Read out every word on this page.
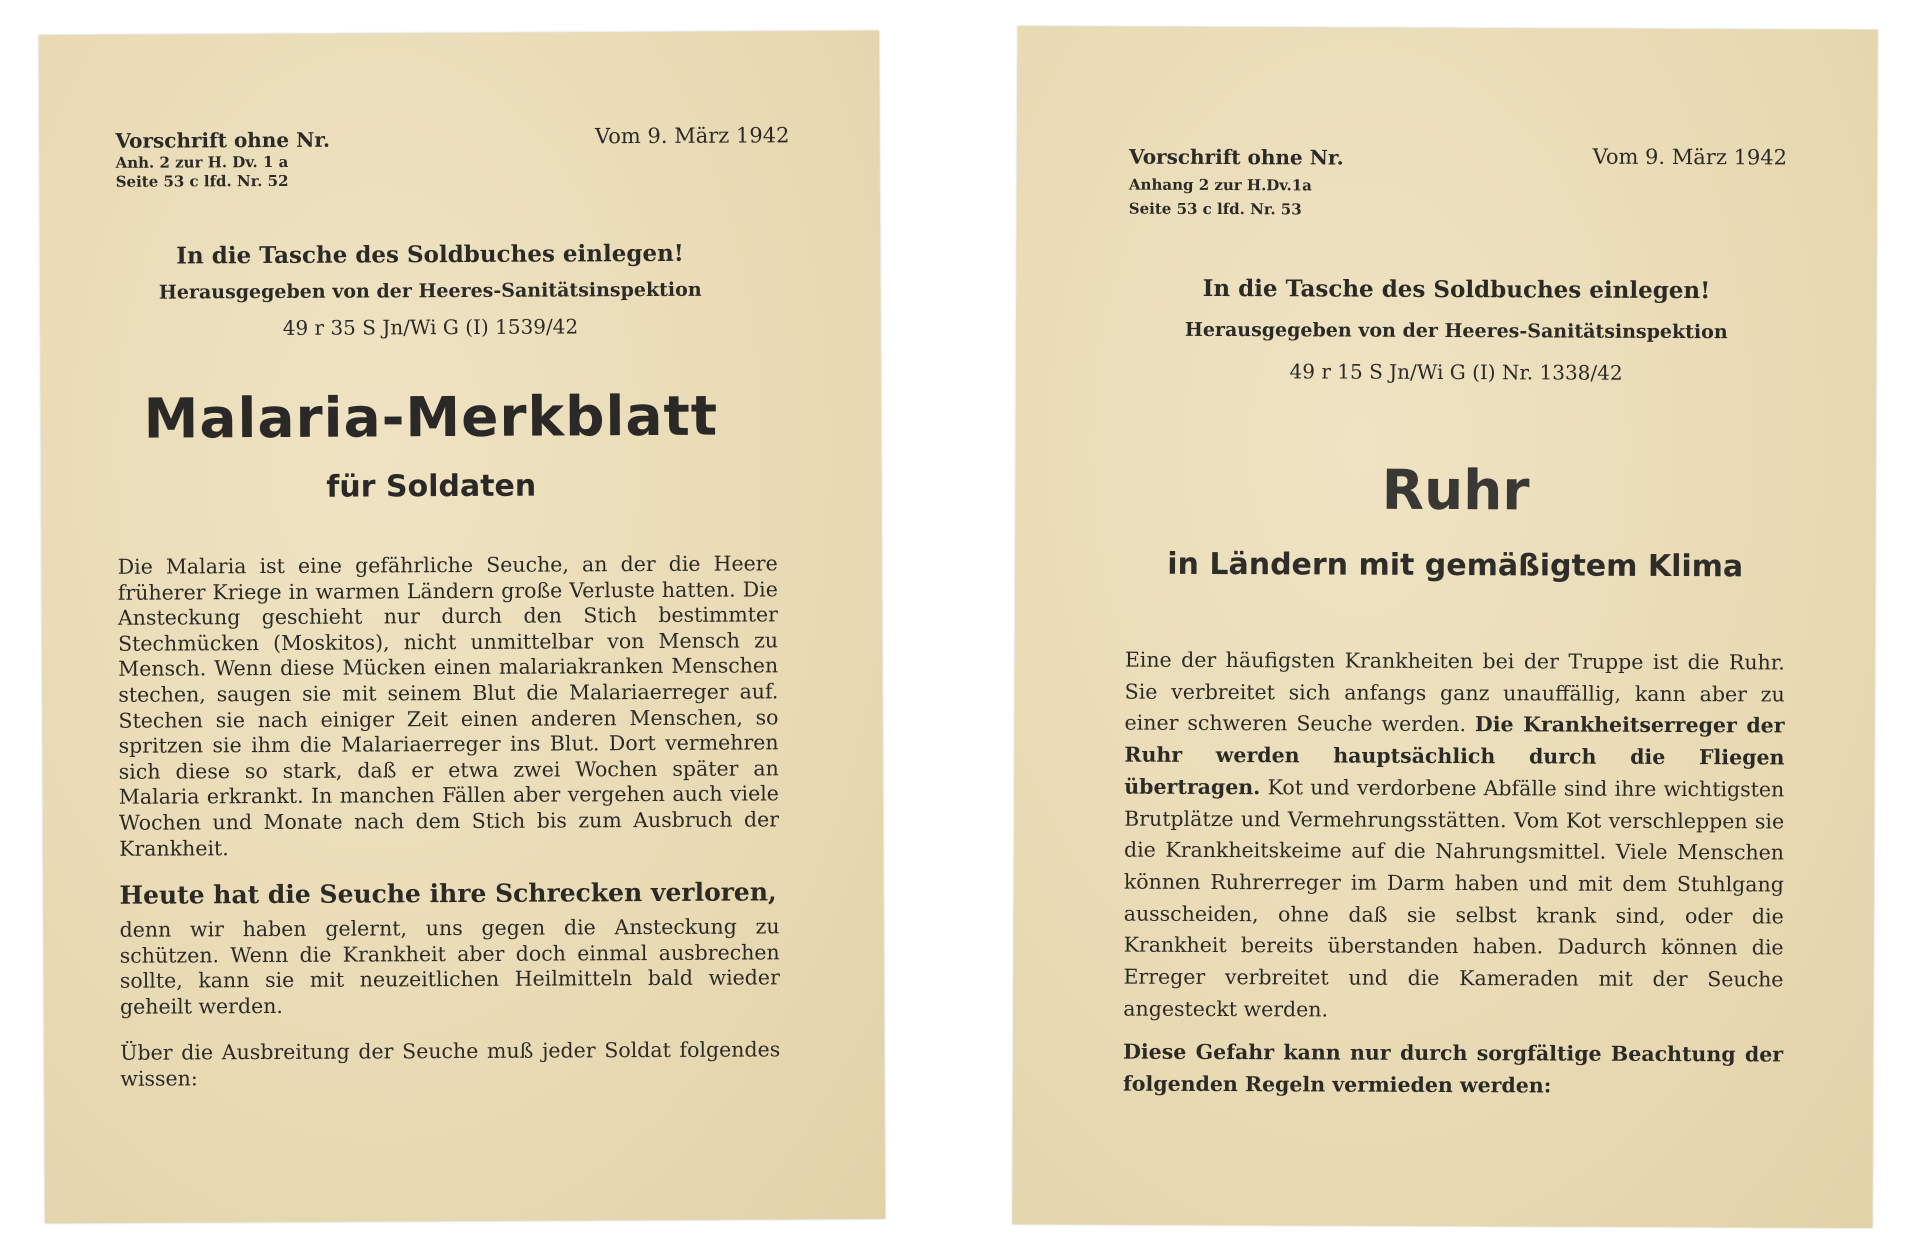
Vorschrift ohne Nr.
Anh. 2 zur H. Dv. 1 a
Seite 53 c lfd. Nr. 52
Vom 9. März 1942
In die Tasche des Soldbuches einlegen!
Herausgegeben von der Heeres-Sanitätsinspektion
49 r 35 S Jn/Wi G (I) 1539/42
Malaria-Merkblatt
für Soldaten

Die Malaria ist eine gefährliche Seuche, an der die Heere früherer Kriege in warmen Ländern große Verluste hatten. Die Ansteckung geschieht nur durch den Stich bestimmter Stechmücken (Moskitos), nicht unmittelbar von Mensch zu Mensch. Wenn diese Mücken einen malariakranken Menschen stechen, saugen sie mit seinem Blut die Malariaerreger auf. Stechen sie nach einiger Zeit einen anderen Menschen, so spritzen sie ihm die Malariaerreger ins Blut. Dort vermehren sich diese so stark, daß er etwa zwei Wochen später an Malaria erkrankt. In manchen Fällen aber vergehen auch viele Wochen und Monate nach dem Stich bis zum Ausbruch der Krankheit.

Heute hat die Seuche ihre Schrecken verloren,

denn wir haben gelernt, uns gegen die Ansteckung zu schützen. Wenn die Krankheit aber doch einmal ausbrechen sollte, kann sie mit neuzeitlichen Heilmitteln bald wieder geheilt werden.

Über die Ausbreitung der Seuche muß jeder Soldat folgendes wissen:

Vorschrift ohne Nr.
Anhang 2 zur H.Dv.1a
Seite 53 c lfd. Nr. 53
Vom 9. März 1942
In die Tasche des Soldbuches einlegen!
Herausgegeben von der Heeres-Sanitätsinspektion
49 r 15 S Jn/Wi G (I) Nr. 1338/42
Ruhr
in Ländern mit gemäßigtem Klima

Eine der häufigsten Krankheiten bei der Truppe ist die Ruhr. Sie verbreitet sich anfangs ganz unauffällig, kann aber zu einer schweren Seuche werden. Die Krankheitserreger der Ruhr werden hauptsächlich durch die Fliegen übertragen. Kot und verdorbene Abfälle sind ihre wichtigsten Brutplätze und Vermehrungsstätten. Vom Kot verschleppen sie die Krankheitskeime auf die Nahrungsmittel. Viele Menschen können Ruhrerreger im Darm haben und mit dem Stuhlgang ausscheiden, ohne daß sie selbst krank sind, oder die Krankheit bereits überstanden haben. Dadurch können die Erreger verbreitet und die Kameraden mit der Seuche angesteckt werden.

Diese Gefahr kann nur durch sorgfältige Beachtung der folgenden Regeln vermieden werden:
